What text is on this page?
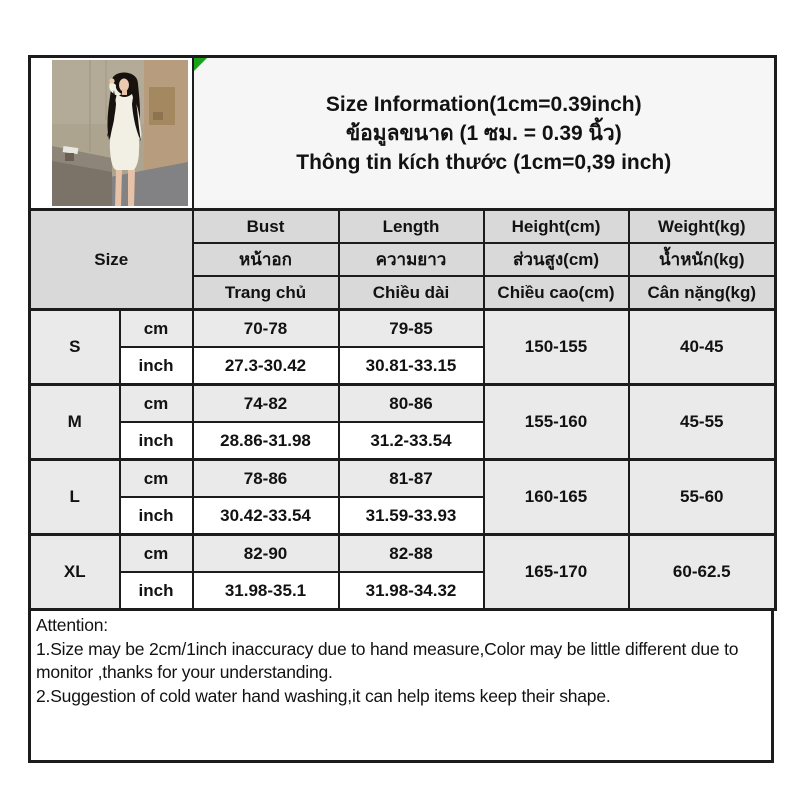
Size Information(1cm=0.39inch)
ข้อมูลขนาด (1 ซม. = 0.39 นิ้ว)
Thông tin kích thước (1cm=0,39 inch)			

Size		Bust	Length	Height(cm)	Weight(kg)
		หน้าอก	ความยาว	ส่วนสูง(cm)	น้ำหนัก(kg)
		Trang chủ	Chiều dài	Chiều cao(cm)	Cân nặng(kg)
S	cm	70-78	79-85	150-155	40-45
	inch	27.3-30.42	30.81-33.15		
M	cm	74-82	80-86	155-160	45-55
	inch	28.86-31.98	31.2-33.54		
L	cm	78-86	81-87	160-165	55-60
	inch	30.42-33.54	31.59-33.93		
XL	cm	82-90	82-88	165-170	60-62.5
	inch	31.98-35.1	31.98-34.32		

Attention:

1.Size may be 2cm/1inch inaccuracy due to hand measure,Color may be little different due to monitor ,thanks for your understanding.

2.Suggestion of cold water hand washing,it can help items keep their shape.
